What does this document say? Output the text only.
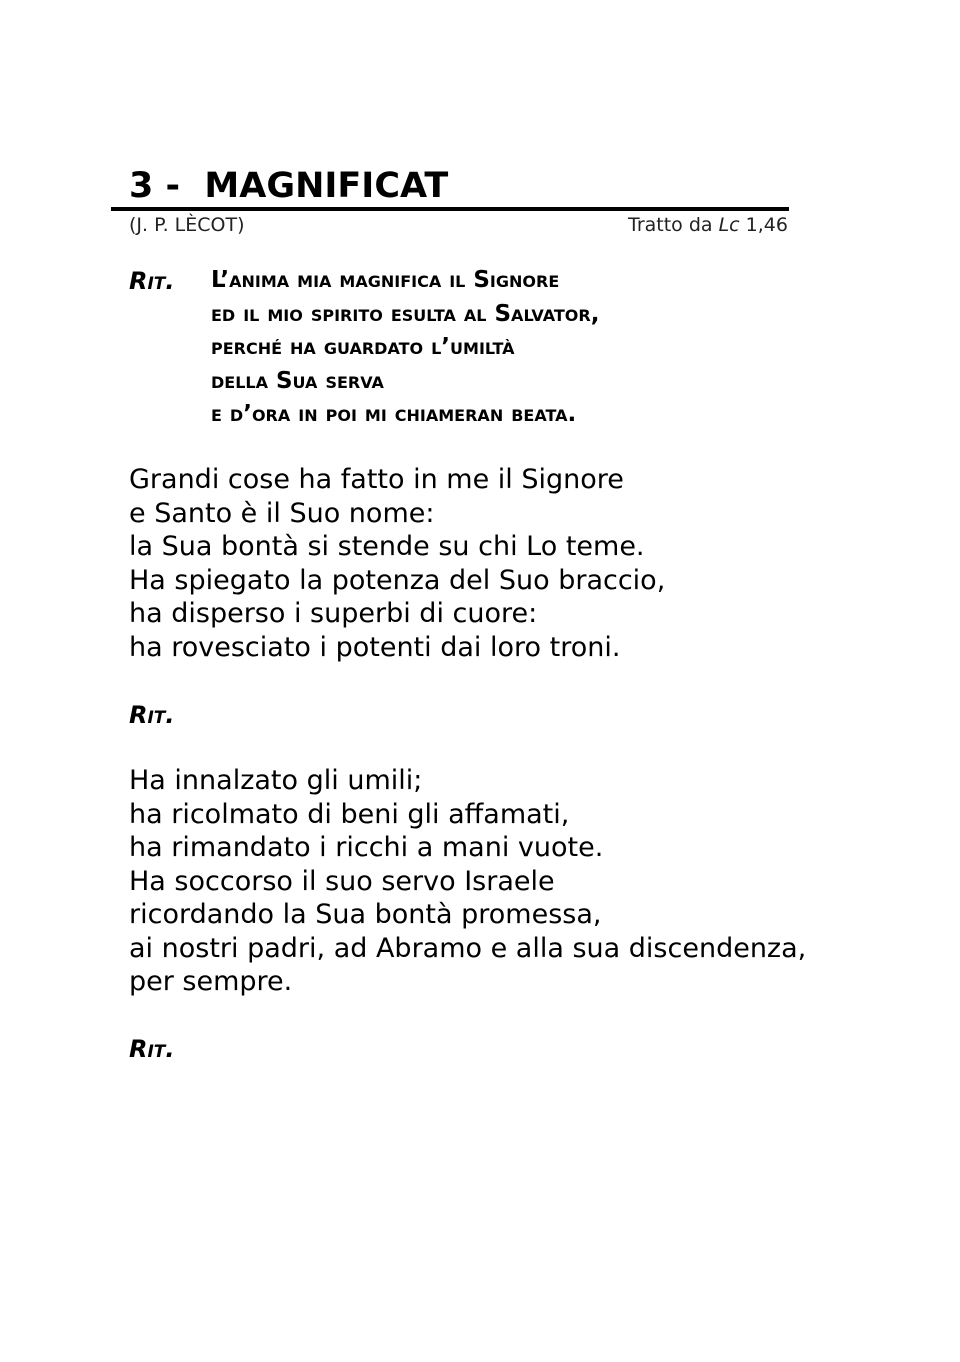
3 -  MAGNIFICAT
(J. P. LÈCOT)	Tratto da Lc 1,46
Rit. L’anima mia magnifica il Signore
ed il mio spirito esulta al Salvator,
perché ha guardato l’umiltà
della Sua serva
e d’ora in poi mi chiameran beata.
Grandi cose ha fatto in me il Signore
e Santo è il Suo nome:
la Sua bontà si stende su chi Lo teme.
Ha spiegato la potenza del Suo braccio,
ha disperso i superbi di cuore:
ha rovesciato i potenti dai loro troni.
Rit.
Ha innalzato gli umili;
ha ricolmato di beni gli affamati,
ha rimandato i ricchi a mani vuote.
Ha soccorso il suo servo Israele
ricordando la Sua bontà promessa,
ai nostri padri, ad Abramo e alla sua discendenza,
per sempre.
Rit.
